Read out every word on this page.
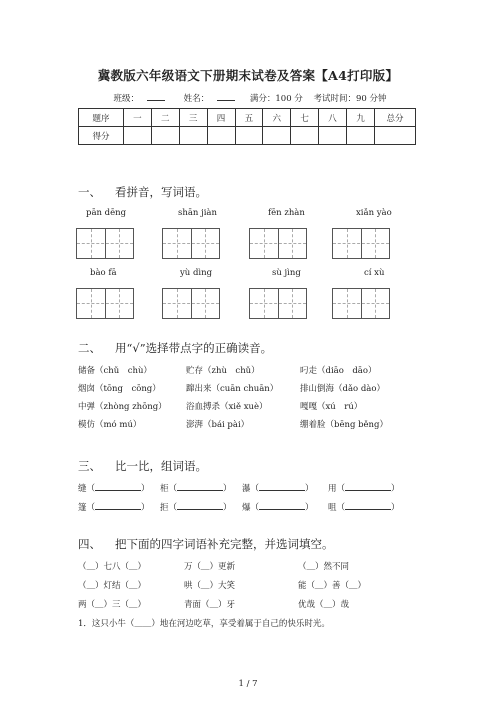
冀教版六年级语文下册期末试卷及答案【A4打印版】
班级：	姓名：	满分：100 分 考试时间：90 分钟
题序	一	二	三	四	五	六	七	八	九	总分
得分										
一、 看拼音，写词语。
pān dēng	shān jiàn	fēn zhàn	xiǎn yào
bào fā	yù dìng	sù jìng	cí xù
二、 用“√”选择带点字的正确读音。
储备（chǔ　chù）	贮存（zhù　chǔ）	叼走（diāo　dāo）
烟囱（tōng　cōng）	蹿出来（cuān chuān）	排山倒海（dǎo dào）
中弹（zhòng zhōng） 浴血搏杀（xiě xuè）	嘎嘎（xú　rú）
模仿（mó mú）	澎湃（bái pài）	绷着脸（bēng běng）
三、 比一比，组词语。
缝（	） 柜（	） 瀑（	） 用（	）
篷（	） 拒（	） 爆（	） 咀（	）
四、 把下面的四字词语补充完整，并选词填空。
（＿）七八（＿）	万（＿）更新	（＿）然不同
（＿）灯结（＿）	哄（＿）大笑	能（＿）善（＿）
两（＿）三（＿）	青面（＿）牙	优哉（＿）哉
1．这只小牛（＿＿）地在河边吃草，享受着属于自己的快乐时光。
1 / 7
